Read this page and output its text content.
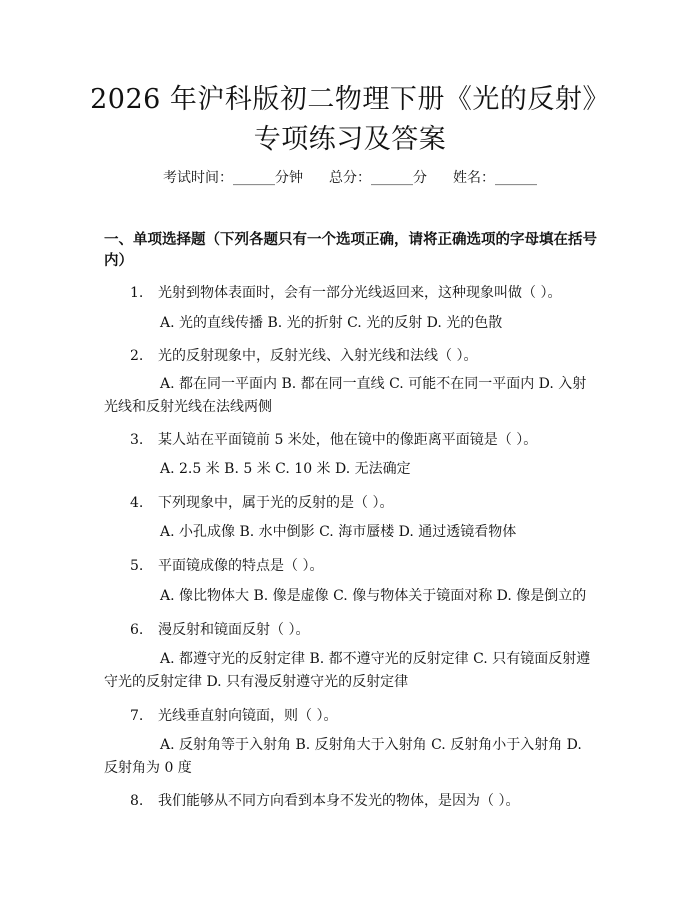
2026 年沪科版初二物理下册《光的反射》专项练习及答案
考试时间：______分钟 总分：______分 姓名：______
一、单项选择题（下列各题只有一个选项正确，请将正确选项的字母填在括号内）
1. 光射到物体表面时，会有一部分光线返回来，这种现象叫做（ ）。
A. 光的直线传播 B. 光的折射 C. 光的反射 D. 光的色散
2. 光的反射现象中，反射光线、入射光线和法线（ ）。
A. 都在同一平面内 B. 都在同一直线 C. 可能不在同一平面内 D. 入射光线和反射光线在法线两侧
3. 某人站在平面镜前 5 米处，他在镜中的像距离平面镜是（ ）。
A. 2.5 米 B. 5 米 C. 10 米 D. 无法确定
4. 下列现象中，属于光的反射的是（ ）。
A. 小孔成像 B. 水中倒影 C. 海市蜃楼 D. 通过透镜看物体
5. 平面镜成像的特点是（ ）。
A. 像比物体大 B. 像是虚像 C. 像与物体关于镜面对称 D. 像是倒立的
6. 漫反射和镜面反射（ ）。
A. 都遵守光的反射定律 B. 都不遵守光的反射定律 C. 只有镜面反射遵守光的反射定律 D. 只有漫反射遵守光的反射定律
7. 光线垂直射向镜面，则（ ）。
A. 反射角等于入射角 B. 反射角大于入射角 C. 反射角小于入射角 D. 反射角为 0 度
8. 我们能够从不同方向看到本身不发光的物体，是因为（ ）。
